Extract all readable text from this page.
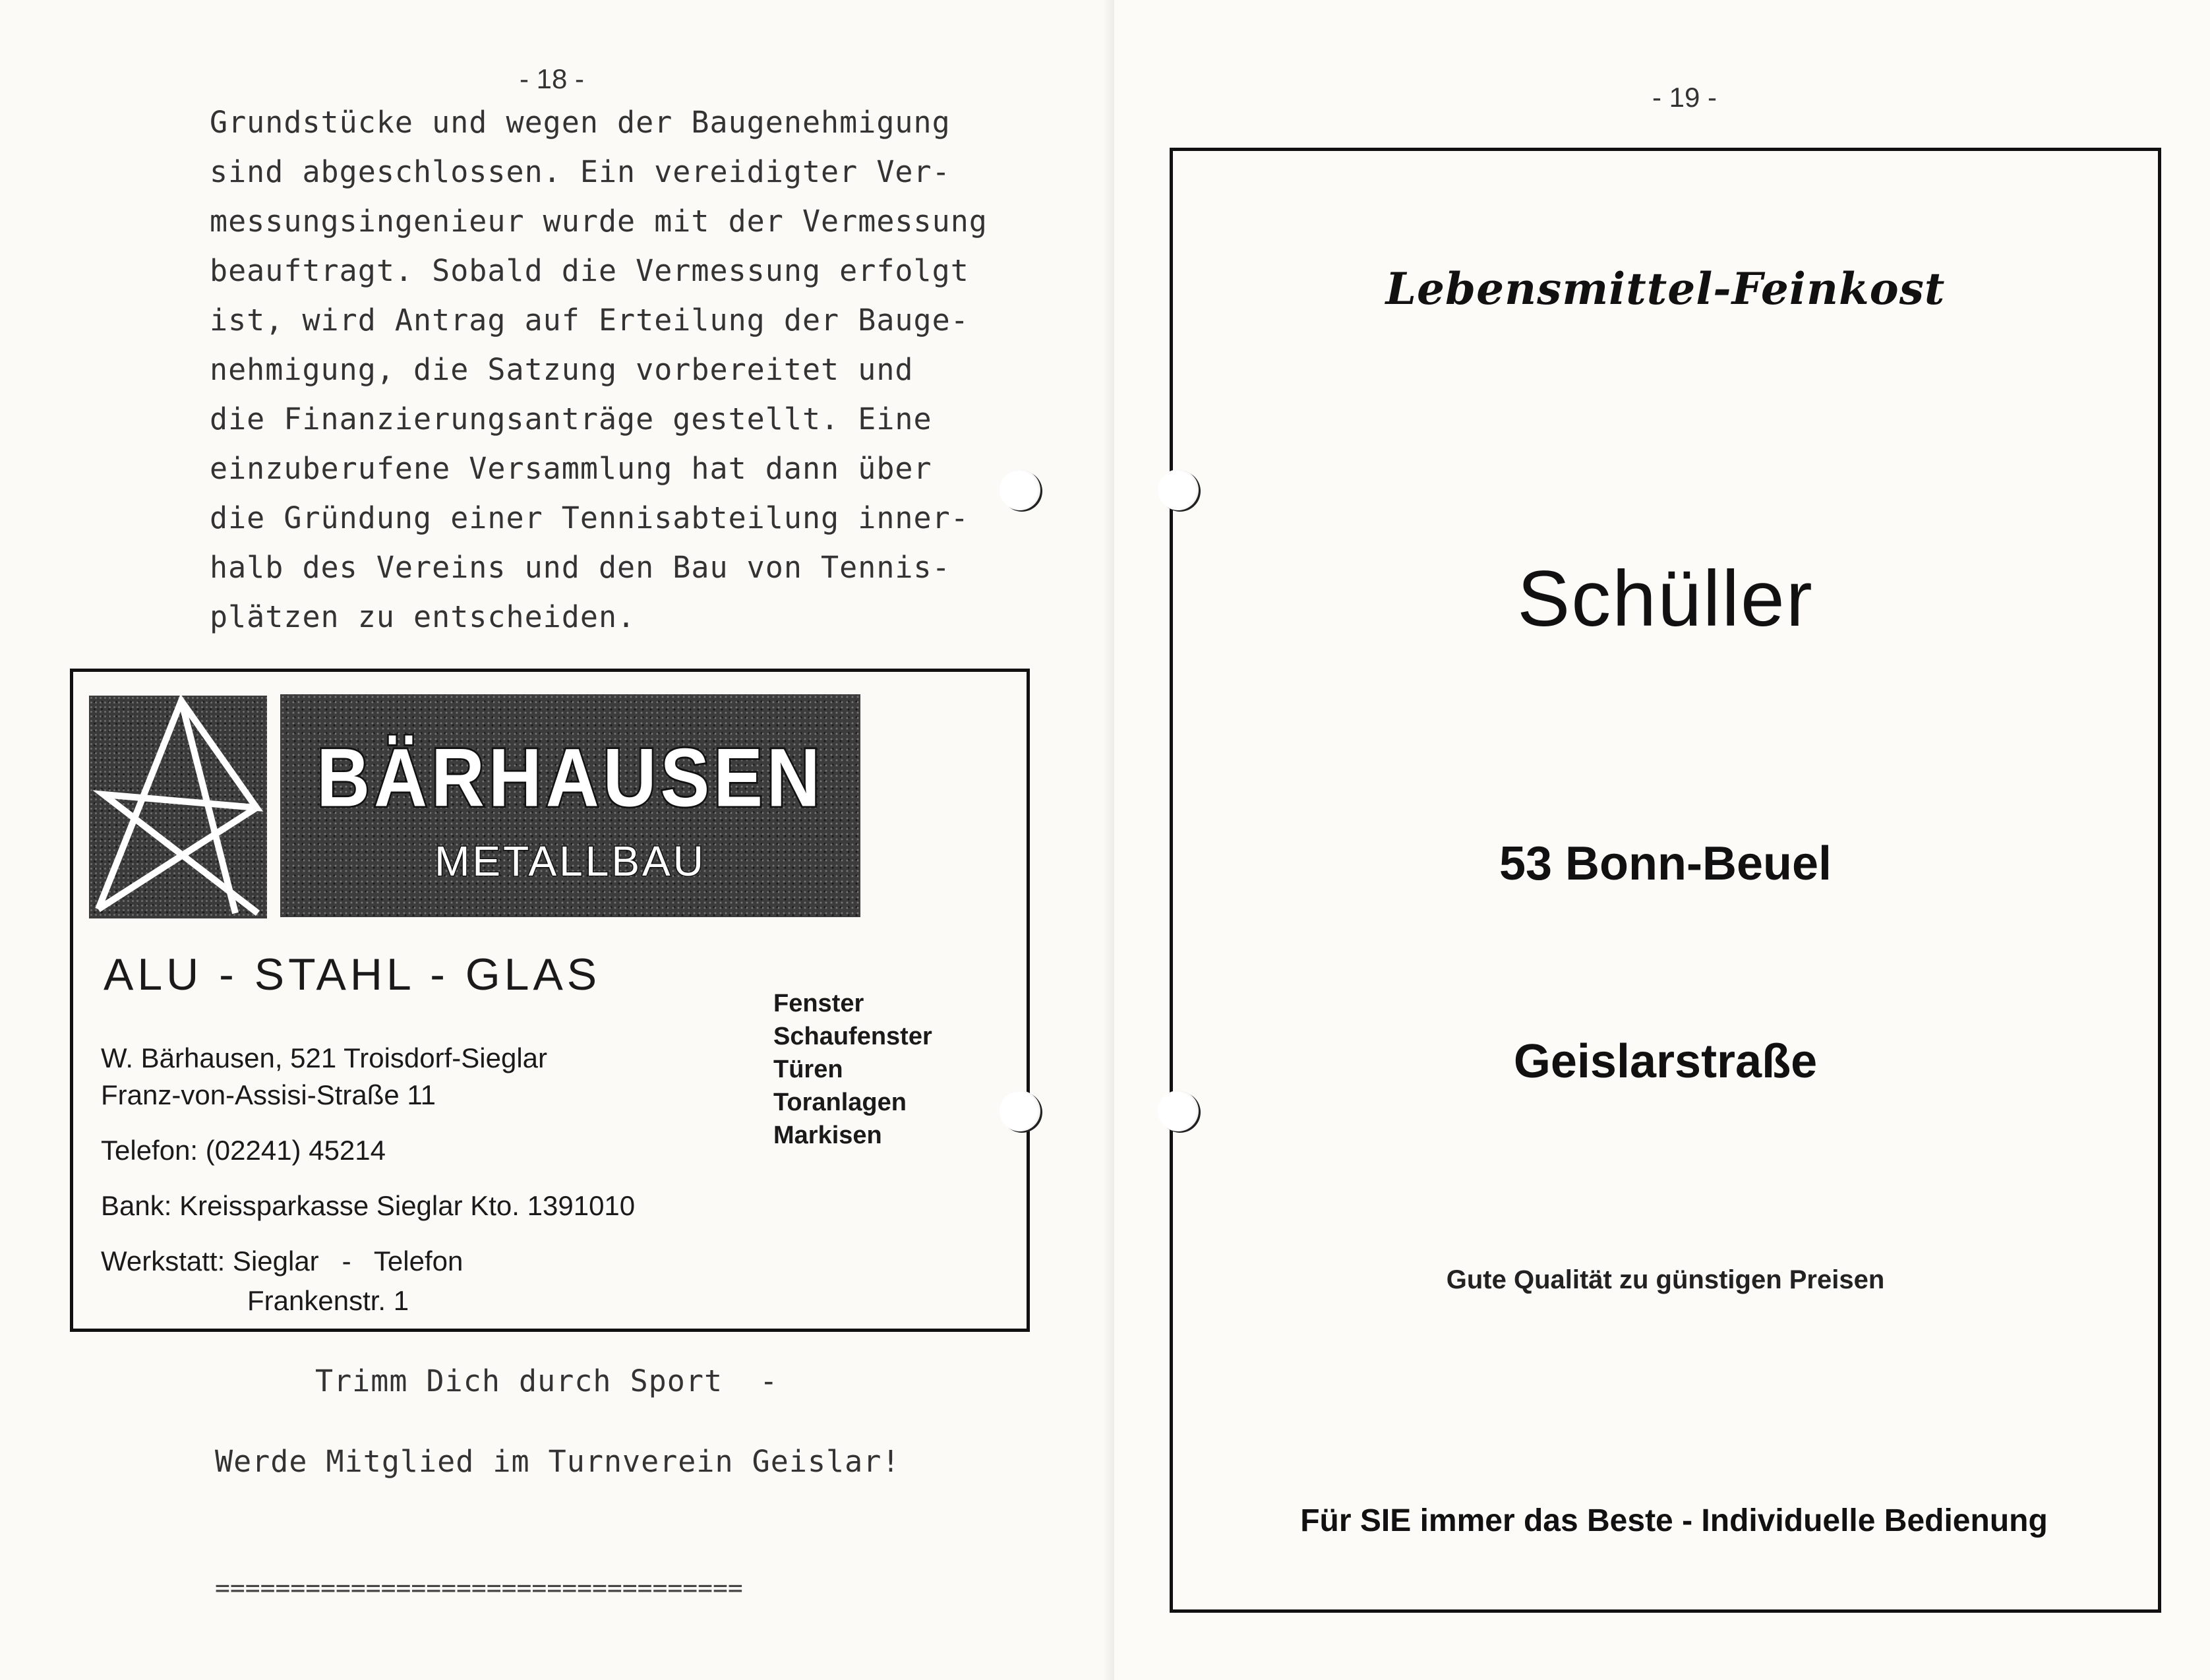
- 18 -
Grundstücke und wegen der Baugenehmigung
sind abgeschlossen. Ein vereidigter Ver-
messungsingenieur wurde mit der Vermessung
beauftragt. Sobald die Vermessung erfolgt
ist, wird Antrag auf Erteilung der Bauge-
nehmigung, die Satzung vorbereitet und
die Finanzierungsanträge gestellt. Eine
einzuberufene Versammlung hat dann über
die Gründung einer Tennisabteilung inner-
halb des Vereins und den Bau von Tennis-
plätzen zu entscheiden.
BÄRHAUSEN
METALLBAU
ALU - STAHL - GLAS
W. Bärhausen, 521 Troisdorf-Sieglar
Franz-von-Assisi-Straße 11
Telefon: (02241) 45214
Bank: Kreissparkasse Sieglar Kto. 1391010
Werkstatt: Sieglar   -   Telefon
Frankenstr. 1
Fenster
Schaufenster
Türen
Toranlagen
Markisen
Trimm Dich durch Sport  -
Werde Mitglied im Turnverein Geislar!
===================================
- 19 -
Lebensmittel-Feinkost
Schüller
53 Bonn-Beuel
Geislarstraße
Gute Qualität zu günstigen Preisen
Für SIE immer das Beste - Individuelle Bedienung
